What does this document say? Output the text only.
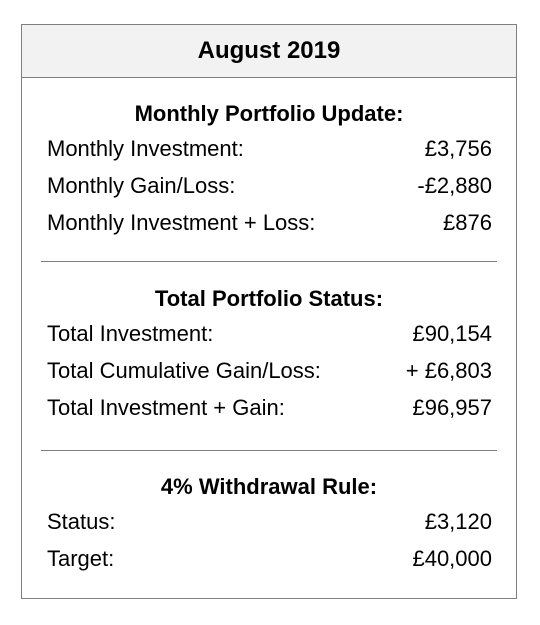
August 2019
Monthly Portfolio Update:
Monthly Investment:	£3,756
Monthly Gain/Loss:	-£2,880
Monthly Investment + Loss:	£876
Total Portfolio Status:
Total Investment:	£90,154
Total Cumulative Gain/Loss:	+ £6,803
Total Investment + Gain:	£96,957
4% Withdrawal Rule:
Status:	£3,120
Target:	£40,000
